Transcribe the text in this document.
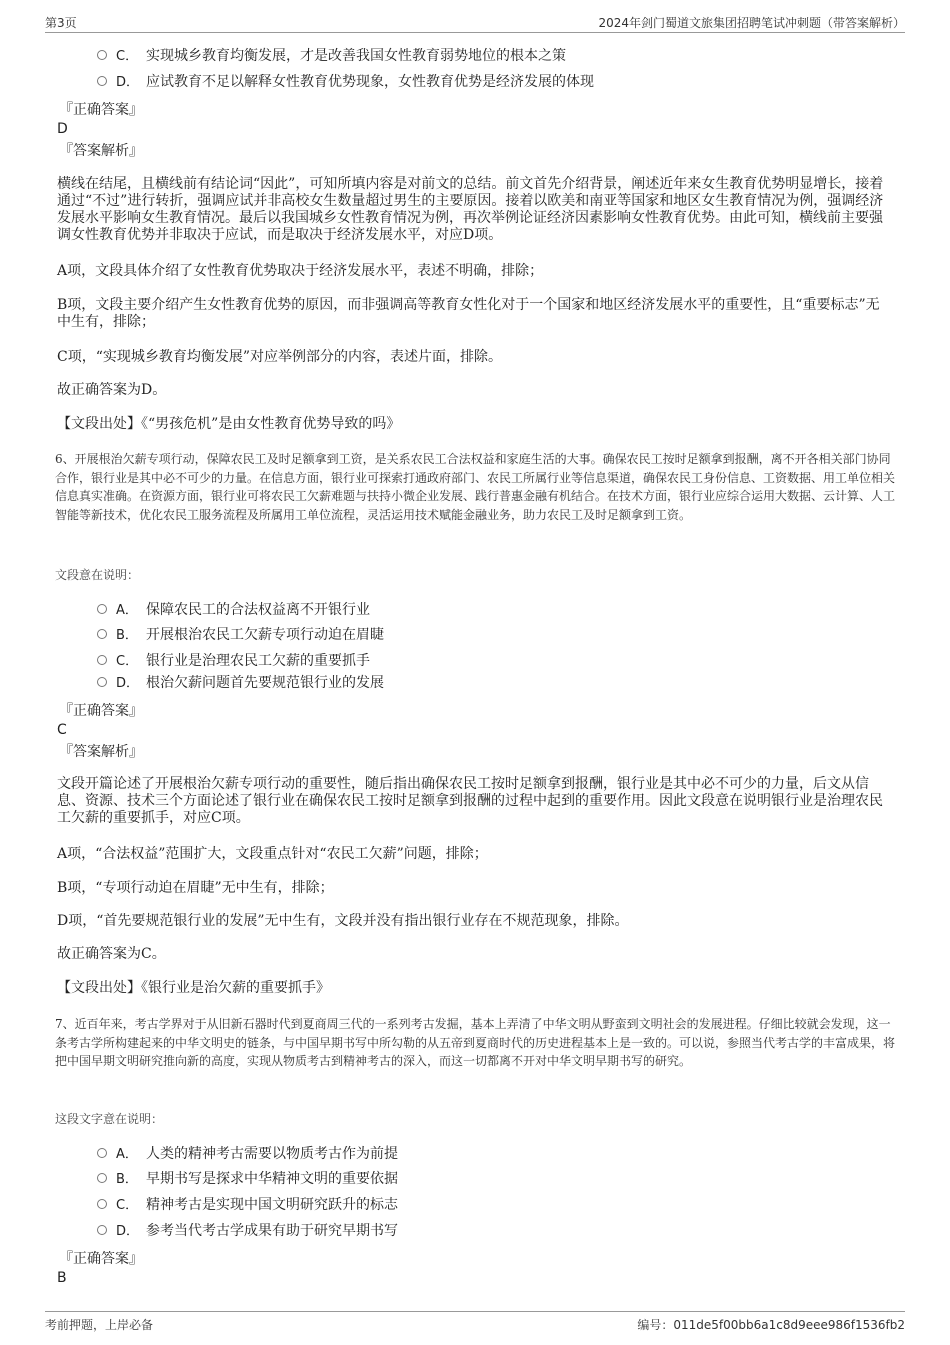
第3页	2024年剑门蜀道文旅集团招聘笔试冲刺题（带答案解析）
C． 实现城乡教育均衡发展，才是改善我国女性教育弱势地位的根本之策
D． 应试教育不足以解释女性教育优势现象，女性教育优势是经济发展的体现
『正确答案』
D
『答案解析』
横线在结尾，且横线前有结论词“因此”，可知所填内容是对前文的总结。前文首先介绍背景，阐述近年来女生教育优势明显增长，接着通过“不过”进行转折，强调应试并非高校女生数量超过男生的主要原因。接着以欧美和南亚等国家和地区女生教育情况为例，强调经济发展水平影响女生教育情况。最后以我国城乡女性教育情况为例，再次举例论证经济因素影响女性教育优势。由此可知，横线前主要强调女性教育优势并非取决于应试，而是取决于经济发展水平，对应D项。
A项，文段具体介绍了女性教育优势取决于经济发展水平，表述不明确，排除；
B项，文段主要介绍产生女性教育优势的原因，而非强调高等教育女性化对于一个国家和地区经济发展水平的重要性，且“重要标志”无中生有，排除；
C项，“实现城乡教育均衡发展”对应举例部分的内容，表述片面，排除。
故正确答案为D。
【文段出处】《“男孩危机”是由女性教育优势导致的吗》
6、开展根治欠薪专项行动，保障农民工及时足额拿到工资，是关系农民工合法权益和家庭生活的大事。确保农民工按时足额拿到报酬，离不开各相关部门协同合作，银行业是其中必不可少的力量。在信息方面，银行业可探索打通政府部门、农民工所属行业等信息渠道，确保农民工身份信息、工资数据、用工单位相关信息真实准确。在资源方面，银行业可将农民工欠薪难题与扶持小微企业发展、践行普惠金融有机结合。在技术方面，银行业应综合运用大数据、云计算、人工智能等新技术，优化农民工服务流程及所属用工单位流程，灵活运用技术赋能金融业务，助力农民工及时足额拿到工资。
文段意在说明：
A． 保障农民工的合法权益离不开银行业
B． 开展根治农民工欠薪专项行动迫在眉睫
C． 银行业是治理农民工欠薪的重要抓手
D． 根治欠薪问题首先要规范银行业的发展
『正确答案』
C
『答案解析』
文段开篇论述了开展根治欠薪专项行动的重要性，随后指出确保农民工按时足额拿到报酬，银行业是其中必不可少的力量，后文从信息、资源、技术三个方面论述了银行业在确保农民工按时足额拿到报酬的过程中起到的重要作用。因此文段意在说明银行业是治理农民工欠薪的重要抓手，对应C项。
A项，“合法权益”范围扩大，文段重点针对“农民工欠薪”问题，排除；
B项，“专项行动迫在眉睫”无中生有，排除；
D项，“首先要规范银行业的发展”无中生有，文段并没有指出银行业存在不规范现象，排除。
故正确答案为C。
【文段出处】《银行业是治欠薪的重要抓手》
7、近百年来，考古学界对于从旧新石器时代到夏商周三代的一系列考古发掘，基本上弄清了中华文明从野蛮到文明社会的发展进程。仔细比较就会发现，这一条考古学所构建起来的中华文明史的链条，与中国早期书写中所勾勒的从五帝到夏商时代的历史进程基本上是一致的。可以说，参照当代考古学的丰富成果，将把中国早期文明研究推向新的高度，实现从物质考古到精神考古的深入，而这一切都离不开对中华文明早期书写的研究。
这段文字意在说明：
A． 人类的精神考古需要以物质考古作为前提
B． 早期书写是探求中华精神文明的重要依据
C． 精神考古是实现中国文明研究跃升的标志
D． 参考当代考古学成果有助于研究早期书写
『正确答案』
B
考前押题，上岸必备	编号：011de5f00bb6a1c8d9eee986f1536fb2
